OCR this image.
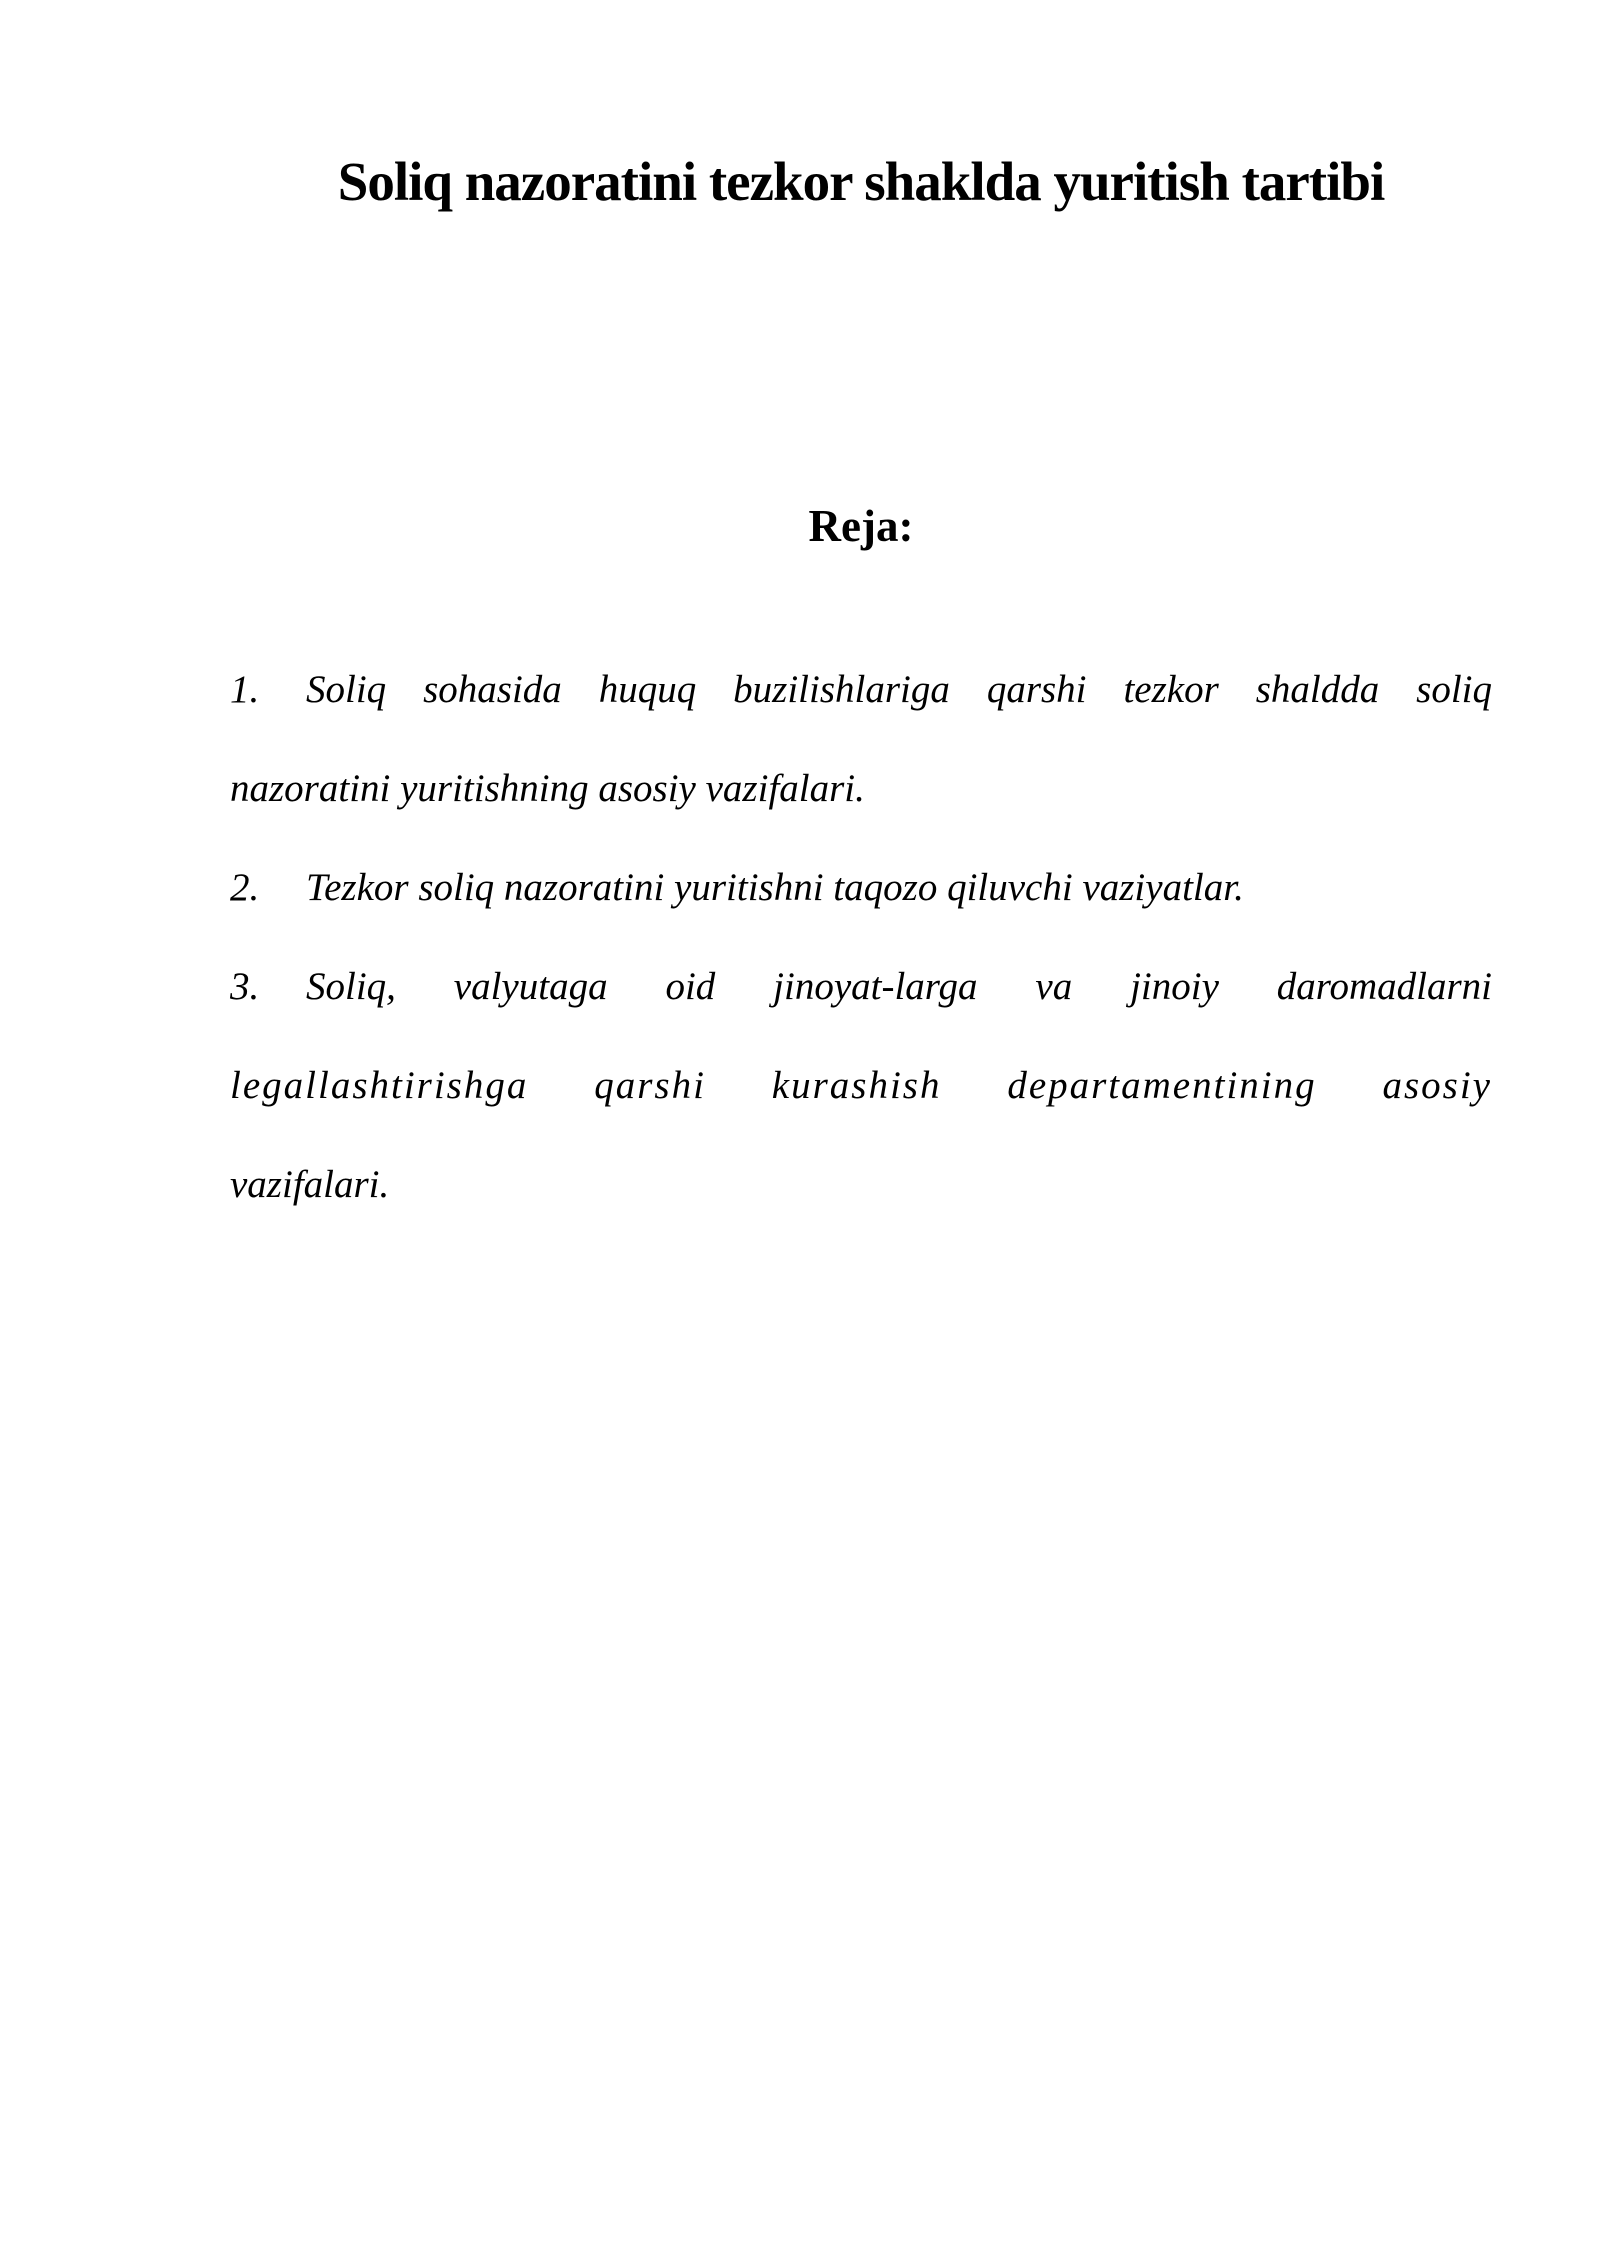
Soliq nazoratini tezkor shaklda yuritish tartibi
Reja:
1. Soliq sohasida huquq buzilishlariga qarshi tezkor shaldda soliq
nazoratini yuritishning asosiy vazifalari.
2. Tezkor soliq nazoratini yuritishni taqozo qiluvchi vaziyatlar.
3. Soliq, valyutaga oid jinoyat-larga va jinoiy daromadlarni
legallashtirishga qarshi kurashish departamentining asosiy
vazifalari.
